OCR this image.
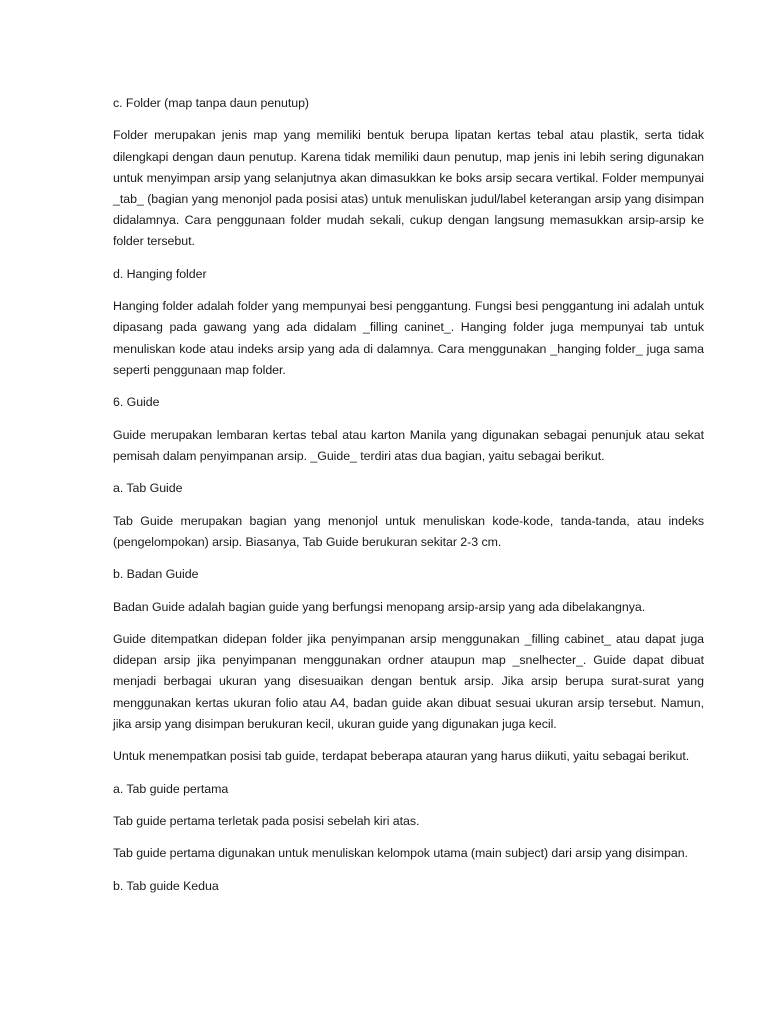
c. Folder (map tanpa daun penutup)

Folder merupakan jenis map yang memiliki bentuk berupa lipatan kertas tebal atau plastik, serta tidak dilengkapi dengan daun penutup. Karena tidak memiliki daun penutup, map jenis ini lebih sering digunakan untuk menyimpan arsip yang selanjutnya akan dimasukkan ke boks arsip secara vertikal. Folder mempunyai _tab_ (bagian yang menonjol pada posisi atas) untuk menuliskan judul/label keterangan arsip yang disimpan didalamnya. Cara penggunaan folder mudah sekali, cukup dengan langsung memasukkan arsip-arsip ke folder tersebut.

d. Hanging folder

Hanging folder adalah folder yang mempunyai besi penggantung. Fungsi besi penggantung ini adalah untuk dipasang pada gawang yang ada didalam _filling caninet_. Hanging folder juga mempunyai tab untuk menuliskan kode atau indeks arsip yang ada di dalamnya. Cara menggunakan _hanging folder_ juga sama seperti penggunaan map folder.

6. Guide

Guide merupakan lembaran kertas tebal atau karton Manila yang digunakan sebagai penunjuk atau sekat pemisah dalam penyimpanan arsip. _Guide_ terdiri atas dua bagian, yaitu sebagai berikut.

a. Tab Guide

Tab Guide merupakan bagian yang menonjol untuk menuliskan kode-kode, tanda-tanda, atau indeks (pengelompokan) arsip. Biasanya, Tab Guide berukuran sekitar 2-3 cm.

b. Badan Guide

Badan Guide adalah bagian guide yang berfungsi menopang arsip-arsip yang ada dibelakangnya.

Guide ditempatkan didepan folder jika penyimpanan arsip menggunakan _filling cabinet_ atau dapat juga didepan arsip jika penyimpanan menggunakan ordner ataupun map _snelhecter_. Guide dapat dibuat menjadi berbagai ukuran yang disesuaikan dengan bentuk arsip. Jika arsip berupa surat-surat yang menggunakan kertas ukuran folio atau A4, badan guide akan dibuat sesuai ukuran arsip tersebut. Namun, jika arsip yang disimpan berukuran kecil, ukuran guide yang digunakan juga kecil.

Untuk menempatkan posisi tab guide, terdapat beberapa atauran yang harus diikuti, yaitu sebagai berikut.

a. Tab guide pertama

Tab guide pertama terletak pada posisi sebelah kiri atas.

Tab guide pertama digunakan untuk menuliskan kelompok utama (main subject) dari arsip yang disimpan.

b. Tab guide Kedua
